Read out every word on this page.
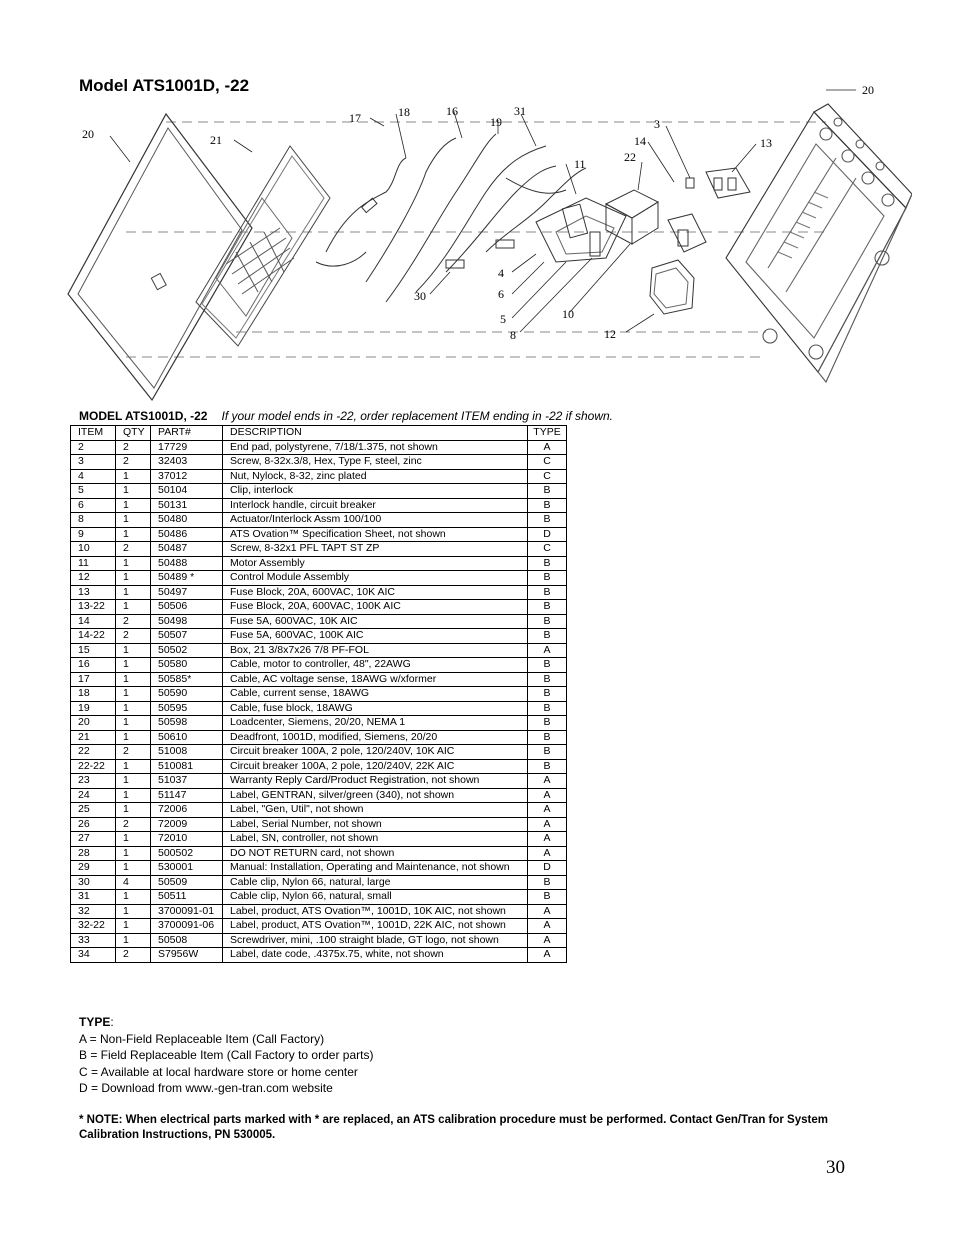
Model ATS1001D, -22
20	21
17	18	16
19
31
11	22
14
3
13
20
4
6
5
8
30
10
12
MODEL ATS1001D, -22 If your model ends in -22, order replacement ITEM ending in -22 if shown.
ITEM	QTY	PART#	DESCRIPTION	TYPE
2	2	17729	End pad, polystyrene, 7/18/1.375, not shown	A
3	2	32403	Screw, 8-32x.3/8, Hex, Type F, steel, zinc	C
4	1	37012	Nut, Nylock, 8-32, zinc plated	C
5	1	50104	Clip, interlock	B
6	1	50131	Interlock handle, circuit breaker	B
8	1	50480	Actuator/Interlock Assm 100/100	B
9	1	50486	ATS Ovation™ Specification Sheet, not shown	D
10	2	50487	Screw, 8-32x1 PFL TAPT ST ZP	C
11	1	50488	Motor Assembly	B
12	1	50489 *	Control Module Assembly	B
13	1	50497	Fuse Block, 20A, 600VAC, 10K AIC	B
13-22	1	50506	Fuse Block, 20A, 600VAC, 100K AIC	B
14	2	50498	Fuse 5A, 600VAC, 10K AIC	B
14-22	2	50507	Fuse 5A, 600VAC, 100K AIC	B
15	1	50502	Box, 21 3/8x7x26 7/8 PF-FOL	A
16	1	50580	Cable, motor to controller, 48", 22AWG	B
17	1	50585*	Cable, AC voltage sense, 18AWG w/xformer	B
18	1	50590	Cable, current sense, 18AWG	B
19	1	50595	Cable, fuse block, 18AWG	B
20	1	50598	Loadcenter, Siemens, 20/20, NEMA 1	B
21	1	50610	Deadfront, 1001D, modified, Siemens, 20/20	B
22	2	51008	Circuit breaker 100A, 2 pole, 120/240V, 10K AIC	B
22-22	1	510081	Circuit breaker 100A, 2 pole, 120/240V, 22K AIC	B
23	1	51037	Warranty Reply Card/Product Registration, not shown	A
24	1	51147	Label, GENTRAN, silver/green (340), not shown	A
25	1	72006	Label, "Gen, Util", not shown	A
26	2	72009	Label, Serial Number, not shown	A
27	1	72010	Label, SN, controller, not shown	A
28	1	500502	DO NOT RETURN card, not shown	A
29	1	530001	Manual: Installation, Operating and Maintenance, not shown	D
30	4	50509	Cable clip, Nylon 66, natural, large	B
31	1	50511	Cable clip, Nylon 66, natural, small	B
32	1	3700091-01	Label, product, ATS Ovation™, 1001D, 10K AIC, not shown	A
32-22	1	3700091-06	Label, product, ATS Ovation™, 1001D, 22K AIC, not shown	A
33	1	50508	Screwdriver, mini, .100 straight blade, GT logo, not shown	A
34	2	S7956W	Label, date code, .4375x.75, white, not shown	A
TYPE:
A = Non-Field Replaceable Item (Call Factory)
B = Field Replaceable Item (Call Factory to order parts)
C = Available at local hardware store or home center
D = Download from www.-gen-tran.com website
* NOTE: When electrical parts marked with * are replaced, an ATS calibration procedure must be performed. Contact Gen/Tran for System Calibration Instructions, PN 530005.
30
